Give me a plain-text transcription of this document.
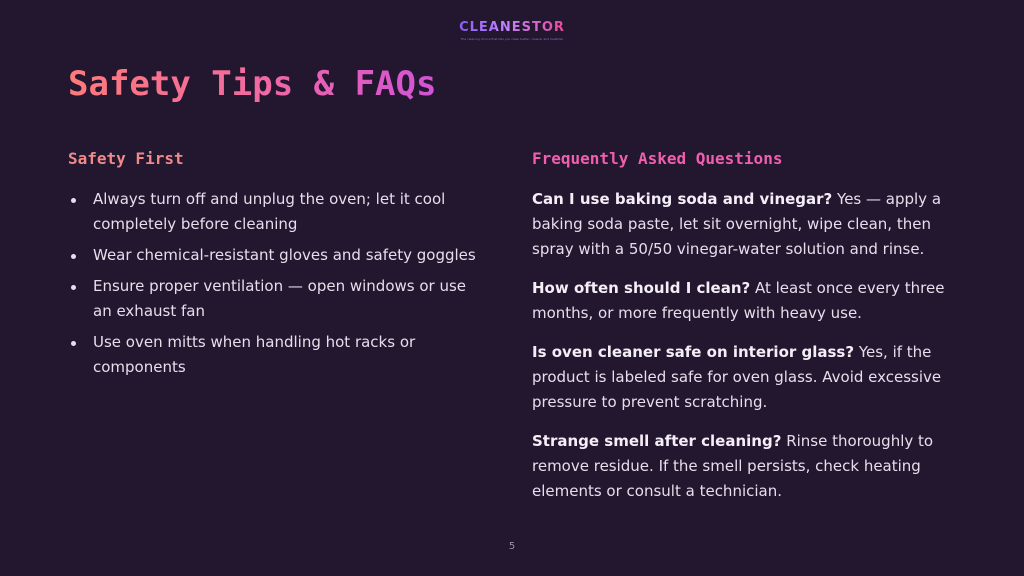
CLEANESTOR
The cleaning choice that lets you clean better, cleaner and healthier
Safety Tips & FAQs
Safety First
Always turn off and unplug the oven; let it cool completely before cleaning
Wear chemical-resistant gloves and safety goggles
Ensure proper ventilation — open windows or use an exhaust fan
Use oven mitts when handling hot racks or components
Frequently Asked Questions

Can I use baking soda and vinegar? Yes — apply a baking soda paste, let sit overnight, wipe clean, then spray with a 50/50 vinegar-water solution and rinse.

How often should I clean? At least once every three months, or more frequently with heavy use.

Is oven cleaner safe on interior glass? Yes, if the product is labeled safe for oven glass. Avoid excessive pressure to prevent scratching.

Strange smell after cleaning? Rinse thoroughly to remove residue. If the smell persists, check heating elements or consult a technician.

5
